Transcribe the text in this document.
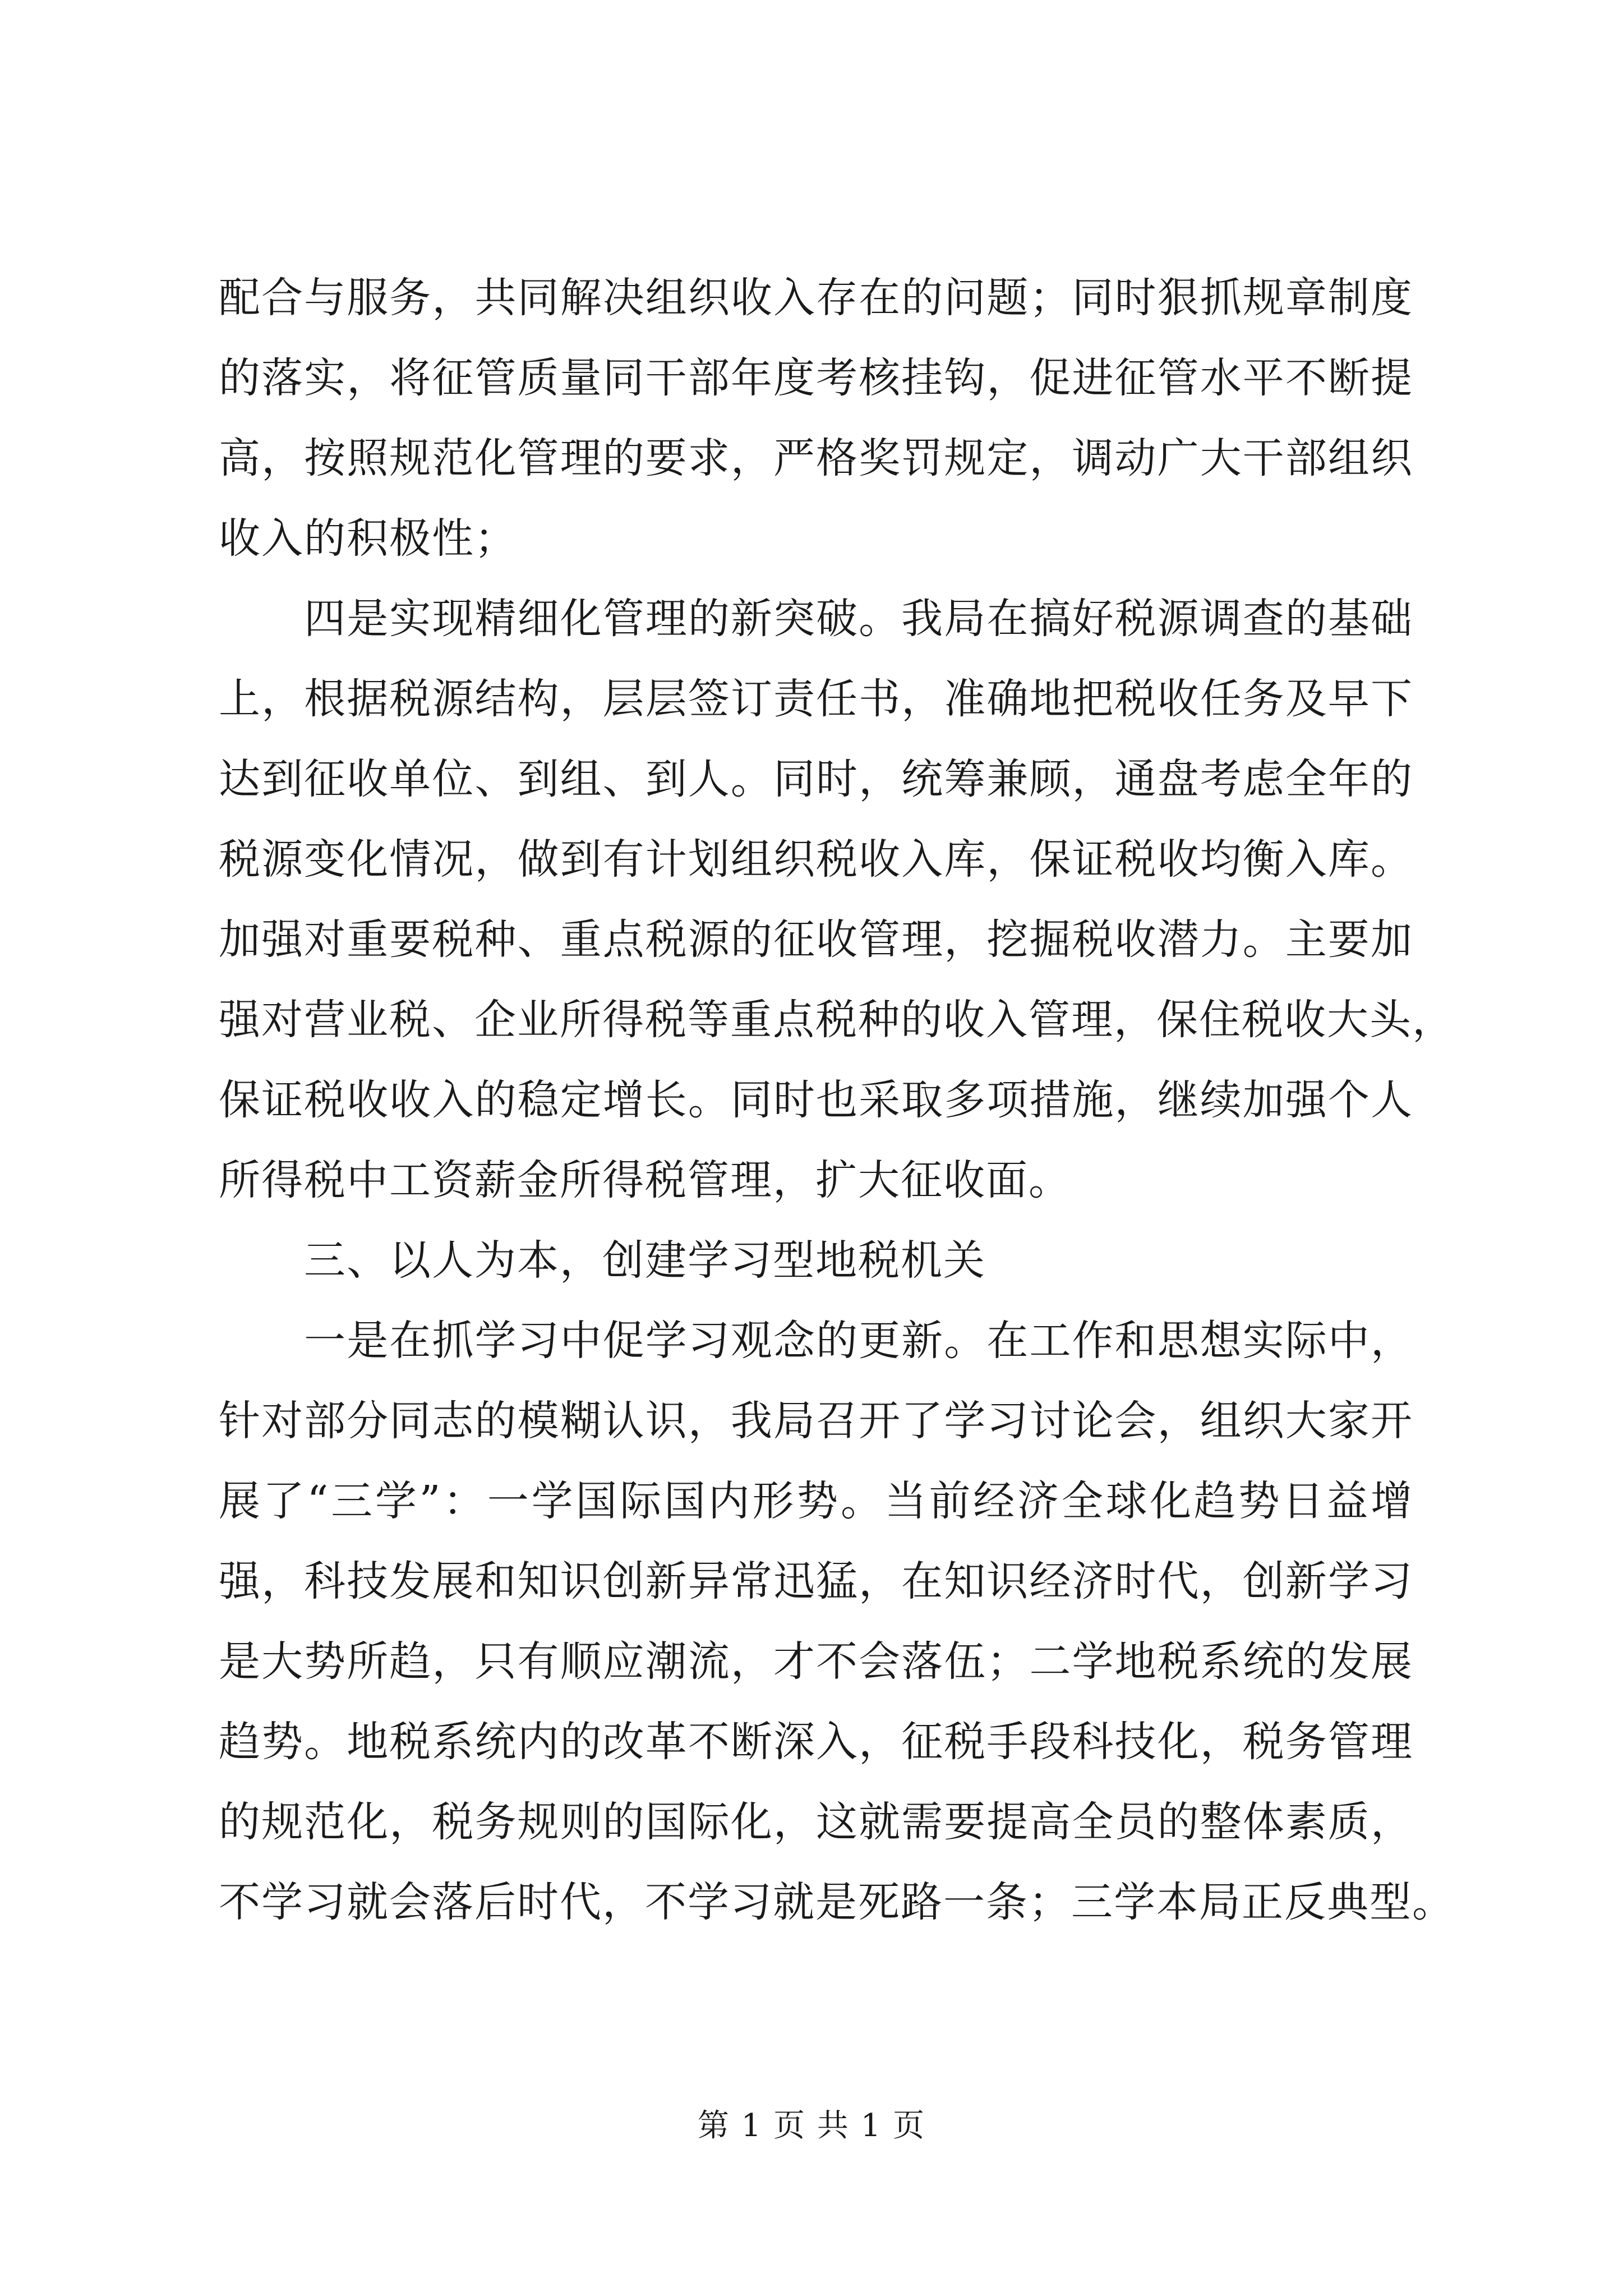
配合与服务，共同解决组织收入存在的问题；同时狠抓规章制度
的落实，将征管质量同干部年度考核挂钩，促进征管水平不断提
高，按照规范化管理的要求，严格奖罚规定，调动广大干部组织
收入的积极性；
　　四是实现精细化管理的新突破。我局在搞好税源调查的基础
上，根据税源结构，层层签订责任书，准确地把税收任务及早下
达到征收单位、到组、到人。同时，统筹兼顾，通盘考虑全年的
税源变化情况，做到有计划组织税收入库，保证税收均衡入库。
加强对重要税种、重点税源的征收管理，挖掘税收潜力。主要加
强对营业税、企业所得税等重点税种的收入管理，保住税收大头，
保证税收收入的稳定增长。同时也采取多项措施，继续加强个人
所得税中工资薪金所得税管理，扩大征收面。
　　三、以人为本，创建学习型地税机关
　　一是在抓学习中促学习观念的更新。在工作和思想实际中，
针对部分同志的模糊认识，我局召开了学习讨论会，组织大家开
展了“三学”：一学国际国内形势。当前经济全球化趋势日益增
强，科技发展和知识创新异常迅猛，在知识经济时代，创新学习
是大势所趋，只有顺应潮流，才不会落伍；二学地税系统的发展
趋势。地税系统内的改革不断深入，征税手段科技化，税务管理
的规范化，税务规则的国际化，这就需要提高全员的整体素质，
不学习就会落后时代，不学习就是死路一条；三学本局正反典型。
第 1 页 共 1 页
